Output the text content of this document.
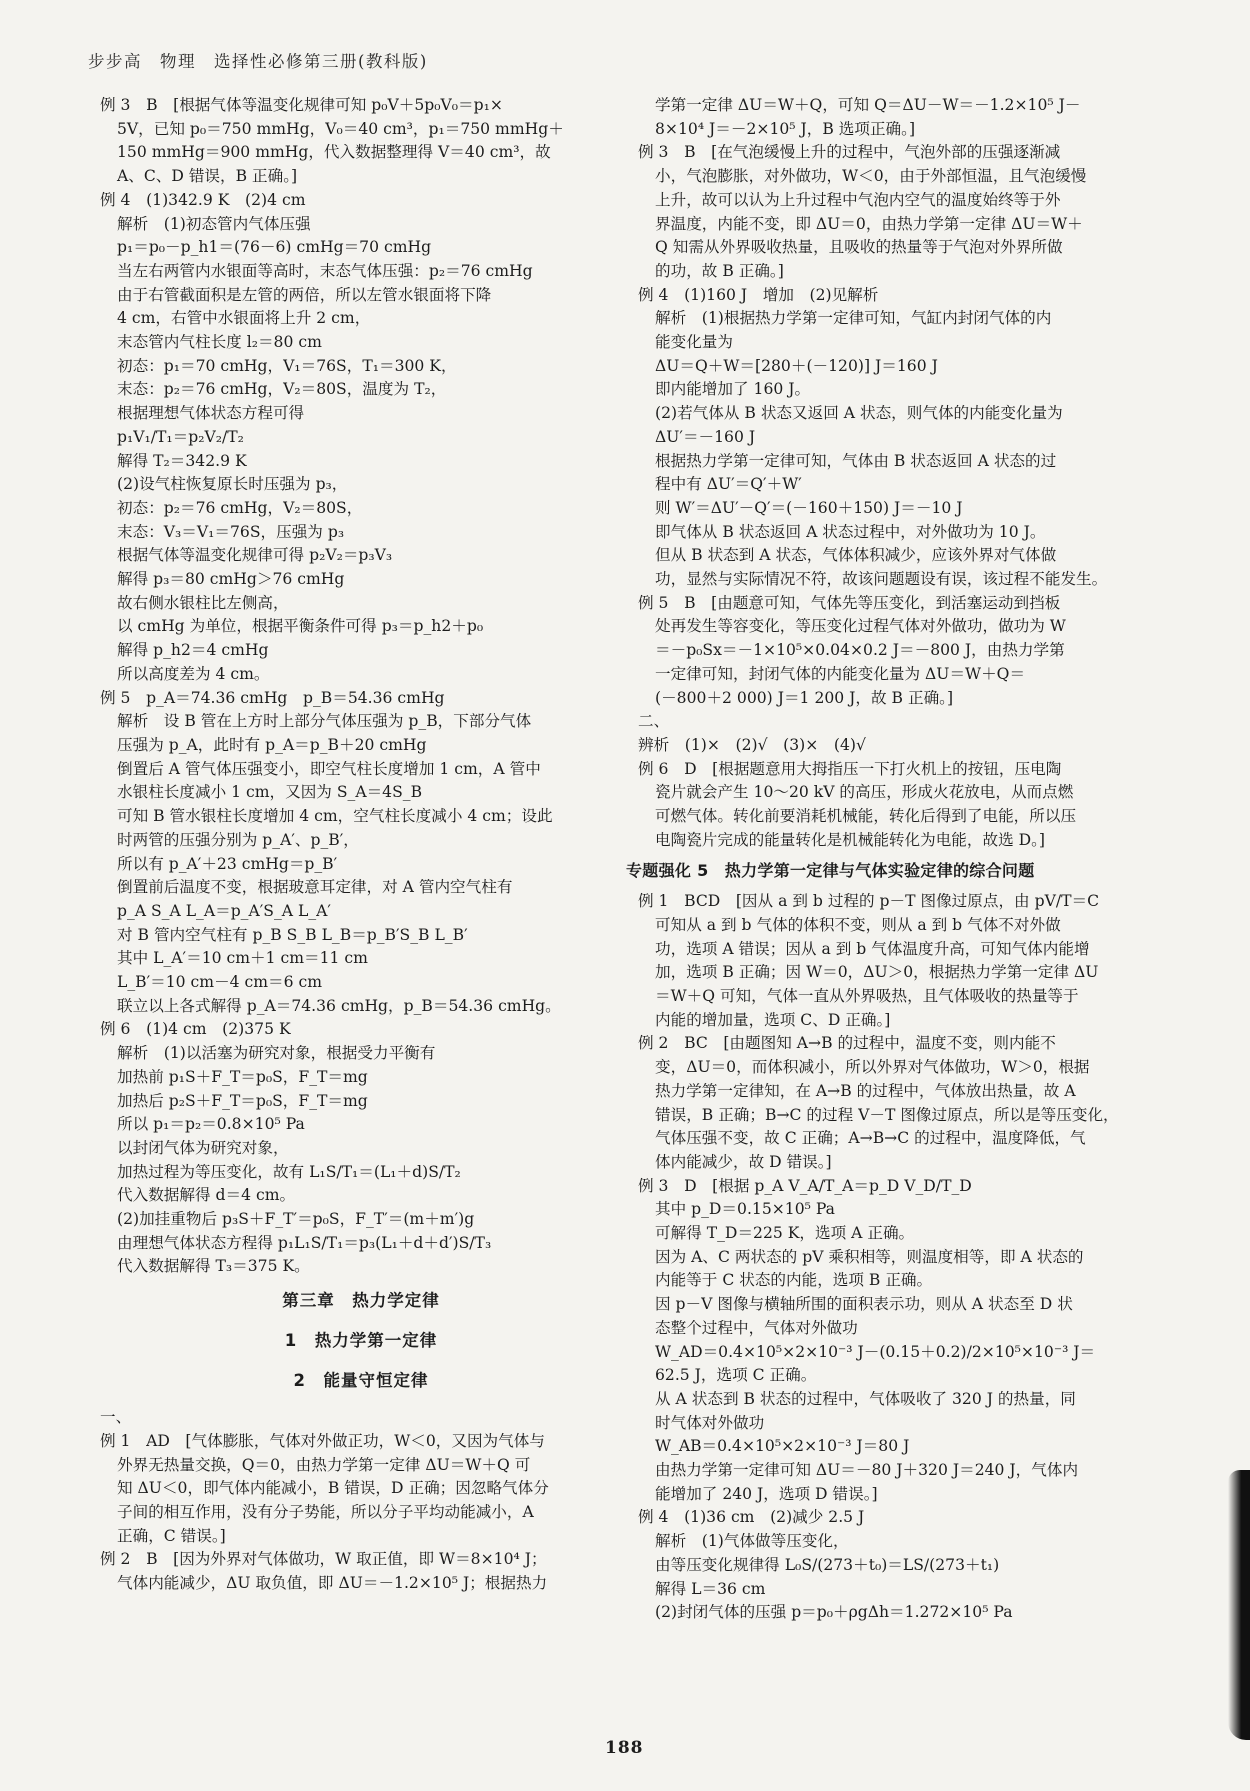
步步高　物理　选择性必修第三册(教科版)

例 3　B　[根据气体等温变化规律可知 p₀V＋5p₀V₀＝p₁×

5V，已知 p₀＝750 mmHg，V₀＝40 cm³，p₁＝750 mmHg＋

150 mmHg＝900 mmHg，代入数据整理得 V＝40 cm³，故

A、C、D 错误，B 正确。]

例 4　(1)342.9 K　(2)4 cm

解析　(1)初态管内气体压强

p₁＝p₀－p_h1＝(76－6) cmHg＝70 cmHg

当左右两管内水银面等高时，末态气体压强：p₂＝76 cmHg

由于右管截面积是左管的两倍，所以左管水银面将下降

4 cm，右管中水银面将上升 2 cm，

末态管内气柱长度 l₂＝80 cm

初态：p₁＝70 cmHg，V₁＝76S，T₁＝300 K，

末态：p₂＝76 cmHg，V₂＝80S，温度为 T₂，

根据理想气体状态方程可得

p₁V₁/T₁＝p₂V₂/T₂

解得 T₂＝342.9 K

(2)设气柱恢复原长时压强为 p₃，

初态：p₂＝76 cmHg，V₂＝80S，

末态：V₃＝V₁＝76S，压强为 p₃

根据气体等温变化规律可得 p₂V₂＝p₃V₃

解得 p₃＝80 cmHg＞76 cmHg

故右侧水银柱比左侧高，

以 cmHg 为单位，根据平衡条件可得 p₃＝p_h2＋p₀

解得 p_h2＝4 cmHg

所以高度差为 4 cm。

例 5　p_A＝74.36 cmHg　p_B＝54.36 cmHg

解析　设 B 管在上方时上部分气体压强为 p_B，下部分气体

压强为 p_A，此时有 p_A＝p_B＋20 cmHg

倒置后 A 管气体压强变小，即空气柱长度增加 1 cm，A 管中

水银柱长度减小 1 cm，又因为 S_A＝4S_B

可知 B 管水银柱长度增加 4 cm，空气柱长度减小 4 cm；设此

时两管的压强分别为 p_A′、p_B′，

所以有 p_A′＋23 cmHg＝p_B′

倒置前后温度不变，根据玻意耳定律，对 A 管内空气柱有

p_A S_A L_A＝p_A′S_A L_A′

对 B 管内空气柱有 p_B S_B L_B＝p_B′S_B L_B′

其中 L_A′＝10 cm＋1 cm＝11 cm

L_B′＝10 cm－4 cm＝6 cm

联立以上各式解得 p_A＝74.36 cmHg，p_B＝54.36 cmHg。

例 6　(1)4 cm　(2)375 K

解析　(1)以活塞为研究对象，根据受力平衡有

加热前 p₁S＋F_T＝p₀S，F_T＝mg

加热后 p₂S＋F_T＝p₀S，F_T＝mg

所以 p₁＝p₂＝0.8×10⁵ Pa

以封闭气体为研究对象，

加热过程为等压变化，故有 L₁S/T₁＝(L₁＋d)S/T₂

代入数据解得 d＝4 cm。

(2)加挂重物后 p₃S＋F_T′＝p₀S，F_T′＝(m＋m′)g

由理想气体状态方程得 p₁L₁S/T₁＝p₃(L₁＋d＋d′)S/T₃

代入数据解得 T₃＝375 K。

第三章　热力学定律
1　热力学第一定律
2　能量守恒定律

一、

例 1　AD　[气体膨胀，气体对外做正功，W＜0，又因为气体与

外界无热量交换，Q＝0，由热力学第一定律 ΔU＝W＋Q 可

知 ΔU＜0，即气体内能减小，B 错误，D 正确；因忽略气体分

子间的相互作用，没有分子势能，所以分子平均动能减小，A

正确，C 错误。]

例 2　B　[因为外界对气体做功，W 取正值，即 W＝8×10⁴ J；

气体内能减少，ΔU 取负值，即 ΔU＝－1.2×10⁵ J；根据热力

学第一定律 ΔU＝W＋Q，可知 Q＝ΔU－W＝－1.2×10⁵ J－

8×10⁴ J＝－2×10⁵ J，B 选项正确。]

例 3　B　[在气泡缓慢上升的过程中，气泡外部的压强逐渐减

小，气泡膨胀，对外做功，W＜0，由于外部恒温，且气泡缓慢

上升，故可以认为上升过程中气泡内空气的温度始终等于外

界温度，内能不变，即 ΔU＝0，由热力学第一定律 ΔU＝W＋

Q 知需从外界吸收热量，且吸收的热量等于气泡对外界所做

的功，故 B 正确。]

例 4　(1)160 J　增加　(2)见解析

解析　(1)根据热力学第一定律可知，气缸内封闭气体的内

能变化量为

ΔU＝Q＋W＝[280＋(－120)] J＝160 J

即内能增加了 160 J。

(2)若气体从 B 状态又返回 A 状态，则气体的内能变化量为

ΔU′＝－160 J

根据热力学第一定律可知，气体由 B 状态返回 A 状态的过

程中有 ΔU′＝Q′＋W′

则 W′＝ΔU′－Q′＝(－160＋150) J＝－10 J

即气体从 B 状态返回 A 状态过程中，对外做功为 10 J。

但从 B 状态到 A 状态，气体体积减少，应该外界对气体做

功，显然与实际情况不符，故该问题题设有误，该过程不能发生。

例 5　B　[由题意可知，气体先等压变化，到活塞运动到挡板

处再发生等容变化，等压变化过程气体对外做功，做功为 W

＝－p₀Sx＝－1×10⁵×0.04×0.2 J＝－800 J，由热力学第

一定律可知，封闭气体的内能变化量为 ΔU＝W＋Q＝

(－800＋2 000) J＝1 200 J，故 B 正确。]

二、

辨析　(1)×　(2)√　(3)×　(4)√

例 6　D　[根据题意用大拇指压一下打火机上的按钮，压电陶

瓷片就会产生 10～20 kV 的高压，形成火花放电，从而点燃

可燃气体。转化前要消耗机械能，转化后得到了电能，所以压

电陶瓷片完成的能量转化是机械能转化为电能，故选 D。]

专题强化 5　热力学第一定律与气体实验定律的综合问题

例 1　BCD　[因从 a 到 b 过程的 p－T 图像过原点，由 pV/T＝C

可知从 a 到 b 气体的体积不变，则从 a 到 b 气体不对外做

功，选项 A 错误；因从 a 到 b 气体温度升高，可知气体内能增

加，选项 B 正确；因 W＝0，ΔU＞0，根据热力学第一定律 ΔU

＝W＋Q 可知，气体一直从外界吸热，且气体吸收的热量等于

内能的增加量，选项 C、D 正确。]

例 2　BC　[由题图知 A→B 的过程中，温度不变，则内能不

变，ΔU＝0，而体积减小，所以外界对气体做功，W＞0，根据

热力学第一定律知，在 A→B 的过程中，气体放出热量，故 A

错误，B 正确；B→C 的过程 V－T 图像过原点，所以是等压变化，

气体压强不变，故 C 正确；A→B→C 的过程中，温度降低，气

体内能减少，故 D 错误。]

例 3　D　[根据 p_A V_A/T_A＝p_D V_D/T_D

其中 p_D＝0.15×10⁵ Pa

可解得 T_D＝225 K，选项 A 正确。

因为 A、C 两状态的 pV 乘积相等，则温度相等，即 A 状态的

内能等于 C 状态的内能，选项 B 正确。

因 p－V 图像与横轴所围的面积表示功，则从 A 状态至 D 状

态整个过程中，气体对外做功

W_AD＝0.4×10⁵×2×10⁻³ J－(0.15＋0.2)/2×10⁵×10⁻³ J＝

62.5 J，选项 C 正确。

从 A 状态到 B 状态的过程中，气体吸收了 320 J 的热量，同

时气体对外做功

W_AB＝0.4×10⁵×2×10⁻³ J＝80 J

由热力学第一定律可知 ΔU＝－80 J＋320 J＝240 J，气体内

能增加了 240 J，选项 D 错误。]

例 4　(1)36 cm　(2)减少 2.5 J

解析　(1)气体做等压变化，

由等压变化规律得 L₀S/(273＋t₀)＝LS/(273＋t₁)

解得 L＝36 cm

(2)封闭气体的压强 p＝p₀＋ρgΔh＝1.272×10⁵ Pa

188
